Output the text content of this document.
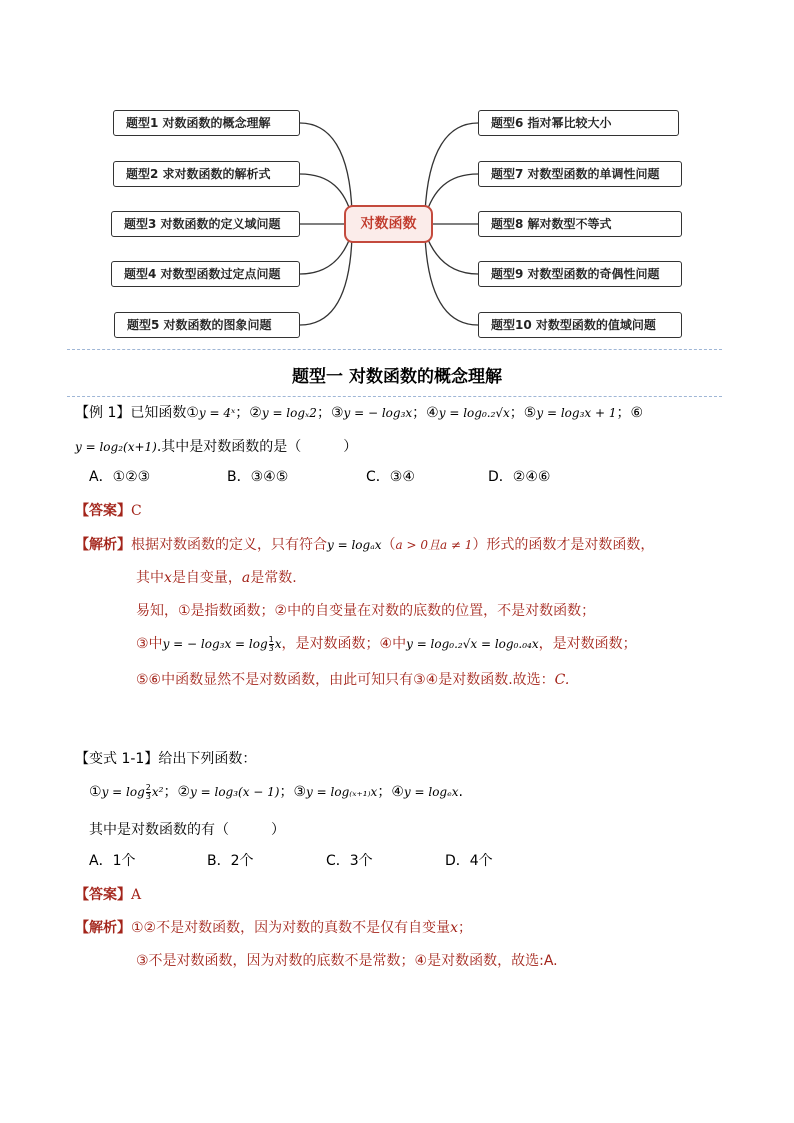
题型1 对数函数的概念理解
题型2 求对数函数的解析式
题型3 对数函数的定义域问题
题型4 对数型函数过定点问题
题型5 对数函数的图象问题
题型6 指对幂比较大小
题型7 对数型函数的单调性问题
题型8 解对数型不等式
题型9 对数型函数的奇偶性问题
题型10 对数型函数的值域问题
对数函数
题型一 对数函数的概念理解
【例 1】已知函数①y = 4ˣ；②y = logₓ2；③y = − log₃x；④y = log₀.₂√x；⑤y = log₃x + 1；⑥
y = log₂(x+1).其中是对数函数的是（　　　）
A．①②③	B．③④⑤	C．③④	D．②④⑥
【答案】C
【解析】根据对数函数的定义，只有符合y = logₐx（a > 0且a ≠ 1）形式的函数才是对数函数，
其中x是自变量，a是常数.
易知，①是指数函数；②中的自变量在对数的底数的位置，不是对数函数；
③中y = − $\log_3x = \log \frac{1}{3}$ x，是对数函数；④中y = log₀.₂√x = log₀.₀₄x，是对数函数；
⑤⑥中函数显然不是对数函数，由此可知只有③④是对数函数.故选：C.
【变式 1-1】给出下列函数：
①y = $\log \frac{2}{3} x^2$；②y = log₃(x − 1)；③y = log₍ₓ₊₁₎x；④y = logₑx.
其中是对数函数的有（　　　）
A．1个	B．2个	C．3个	D．4个
【答案】A
【解析】①②不是对数函数，因为对数的真数不是仅有自变量x；
③不是对数函数，因为对数的底数不是常数；④是对数函数，故选:A.
